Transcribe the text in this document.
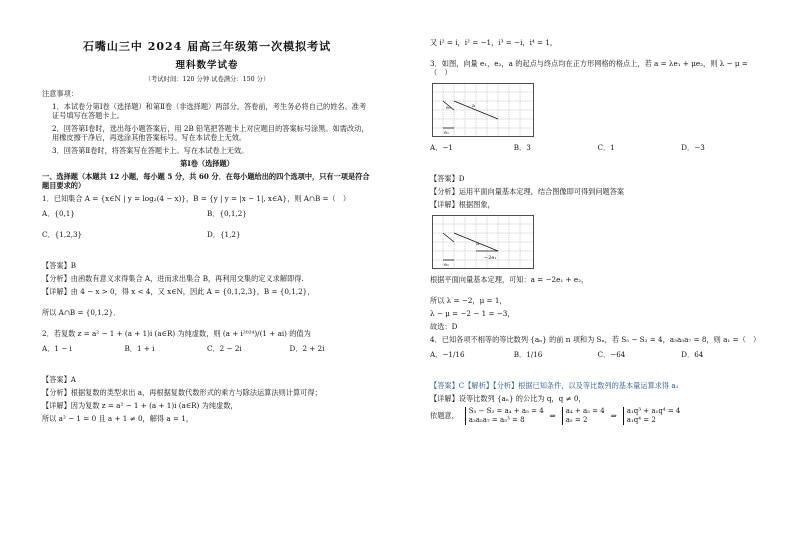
石嘴山三中 2024 届高三年级第一次模拟考试
理科数学试卷
（考试时间：120 分钟 试卷满分：150 分）
注意事项：
1．本试卷分第Ⅰ卷（选择题）和第Ⅱ卷（非选择题）两部分。答卷前，考生务必将自己的姓名、准考证号填写在答题卡上。
2．回答第Ⅰ卷时，选出每小题答案后，用 2B 铅笔把答题卡上对应题目的答案标号涂黑。如需改动，用橡皮擦干净后，再选涂其他答案标号。写在本试卷上无效。
3．回答第Ⅱ卷时，将答案写在答题卡上。写在本试卷上无效。
第Ⅰ卷（选择题）
一、选择题（本题共 12 小题，每小题 5 分，共 60 分．在每小题给出的四个选项中，只有一项是符合题目要求的）
1．已知集合 A = {x∈N | y = log₂(4 − x)}，B = {y | y = |x − 1|, x∈A}，则 A∩B =（　）
A．{0,1}	B．{0,1,2}
C．{1,2,3}	D．{1,2}
【答案】B
【分析】由函数有意义求得集合 A，进而求出集合 B，再利用交集的定义求解即得.
【详解】由 4 − x > 0，得 x < 4，又 x∈N，因此 A = {0,1,2,3}，B = {0,1,2}，
所以 A∩B = {0,1,2}．
2．若复数 z = a² − 1 + (a + 1)i (a∈R) 为纯虚数，则 (a + i²⁰²⁴)/(1 + ai) 的值为
A．1 − i	B．1 + i	C．2 − 2i	D．2 + 2i
【答案】A
【分析】根据复数的类型求出 a，再根据复数代数形式的乘方与除法运算法则计算可得；
【详解】因为复数 z = a² − 1 + (a + 1)i (a∈R) 为纯虚数，
所以 a² − 1 = 0 且 a + 1 ≠ 0，解得 a = 1，
又 i² = i，i² = −1，i³ = −i，i⁴ = 1，
3．如图，向量 e₁，e₂，a 的起点与终点均在正方形网格的格点上，若 a = λe₁ + μe₂，则 λ − μ =（　）
a
e₂
e₁
A．−1	B．3	C．1	D．−3
【答案】D
【分析】运用平面向量基本定理，结合图像即可得到问题答案
【详解】根据图象，
a
−2e₁
e₁
根据平面向量基本定理，可知：a = −2e₁ + e₂，
所以 λ = −2，μ = 1，
λ − μ = −2 − 1 = −3，
故选：D
4．已知各项不相等的等比数列 {aₙ} 的前 n 项和为 Sₙ，若 S₅ − S₃ = 4，a₃a₅a₇ = 8，则 a₁ =（　）
A．−1/16	B．1/16	C．−64	D．64
【答案】C【解析】【分析】根据已知条件，以及等比数列的基本量运算求得 a₁
【详解】设等比数列 {aₙ} 的公比为 q，q ≠ 0，
依题意，
S₅ − S₃ = a₄ + a₅ = 4
a₃a₅a₇ = a₅³ = 8	⇒
a₄ + a₅ = 4
a₅ = 2	⇒
a₁q³ + a₁q⁴ = 4
a₁q⁴ = 2
